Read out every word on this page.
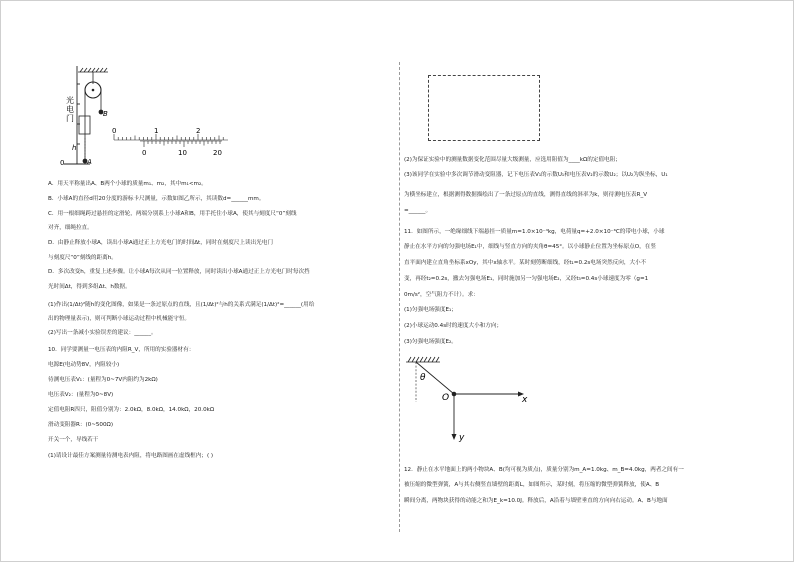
光
电
门	B
h
A
0
0	1	2
0	10	20
A．用天平称量出A、B两个小球的质量m₁、m₂，其中m₁<m₂。
B．小球A的直径d用20分度的游标卡尺测量，示数如图乙所示，其读数d=______mm。
C．用一根细绳跨过悬挂的定滑轮，两端分别系上小球A和B，用手托住小球A，使其与刻度尺“0”刻线
对齐，细绳拉直。
D．由静止释放小球A，读出小球A通过正上方光电门的时间Δt，同时在刻度尺上读出光电门
与刻度尺“0”刻线的距离h。
D．多次改变h，重复上述步骤。让小球A每次从同一位置释放，同时读出小球A通过正上方光电门时每次挡
光时间Δt，得到多组Δt、h数据。
(1)作出(1/Δt)²随h的变化图像，如果是一条过原点的直线，且(1/Δt)²与h的关系式满足(1/Δt)²=______(用给
出的物理量表示)，则可判断小球运动过程中机械能守恒。
(2)写出一条减小实验误差的建议：______。
10．同学要测量一电压表的内阻R_V，所用的实验器材有：
电源E(电动势8V，内阻较小)
待测电压表V₁：(量程为0~7V内阻约为2kΩ)
电压表V₂：(量程为0~8V)
定值电阻R四只，阻值分别为：2.0kΩ，8.0kΩ，14.0kΩ，20.0kΩ
滑动变阻器R：(0~500Ω)
开关一个，导线若干
(1)请设计最佳方案测量待测电表内阻，将电路图画在虚线框内；( )
(2)为保证实验中的测量数据变化范围尽量大级测量，应选用阻值为____kΩ的定值电阻；
(3)该同学在实验中多次调节滑动变阻器，记下电压表V₁的示数U₁和电压表V₂的示数U₂；以U₂为纵坐标，U₁
为横坐标建立，根据测得数据描绘出了一条过原点的直线，测得直线的斜率为k，则待测电压表R_V
=______。
11．如图所示，一绝缘细线下端悬挂一质量m=1.0×10⁻⁴kg，电荷量q=+2.0×10⁻⁶C的带电小球，小球
静止在水平方向的匀强电场E₁中，细线与竖直方向的夹角θ=45°。以小球静止位置为坐标原点O，在竖
直平面内建立直角坐标系xOy，其中x轴水平。某时刻剪断细线，经t₁=0.2s电场突然反向，大小不
变，再经t₂=0.2s，撤去匀强电场E₁，同时施加另一匀强电场E₂，又经t₃=0.4s小球速度为零（g=1
0m/s²，空气阻力不计）。求：
(1)匀强电场强度E₁；
(2)小球运动0.4s时的速度大小和方向；
(3)匀强电场强度E₂。
θ
O	x
y
12．静止在水平地面上的两小物块A、B(均可视为质点)，质量分别为m_A=1.0kg、m_B=4.0kg，两者之间有一
被压缩的微型弹簧，A与其右侧竖直墙壁的距离L，如图所示，某时刻，将压缩的微型弹簧释放，使A、B
瞬间分离，两物块获得的动能之和为E_k=10.0J。释放后，A沿着与墙壁垂直的方向向右运动。A、B与地面
